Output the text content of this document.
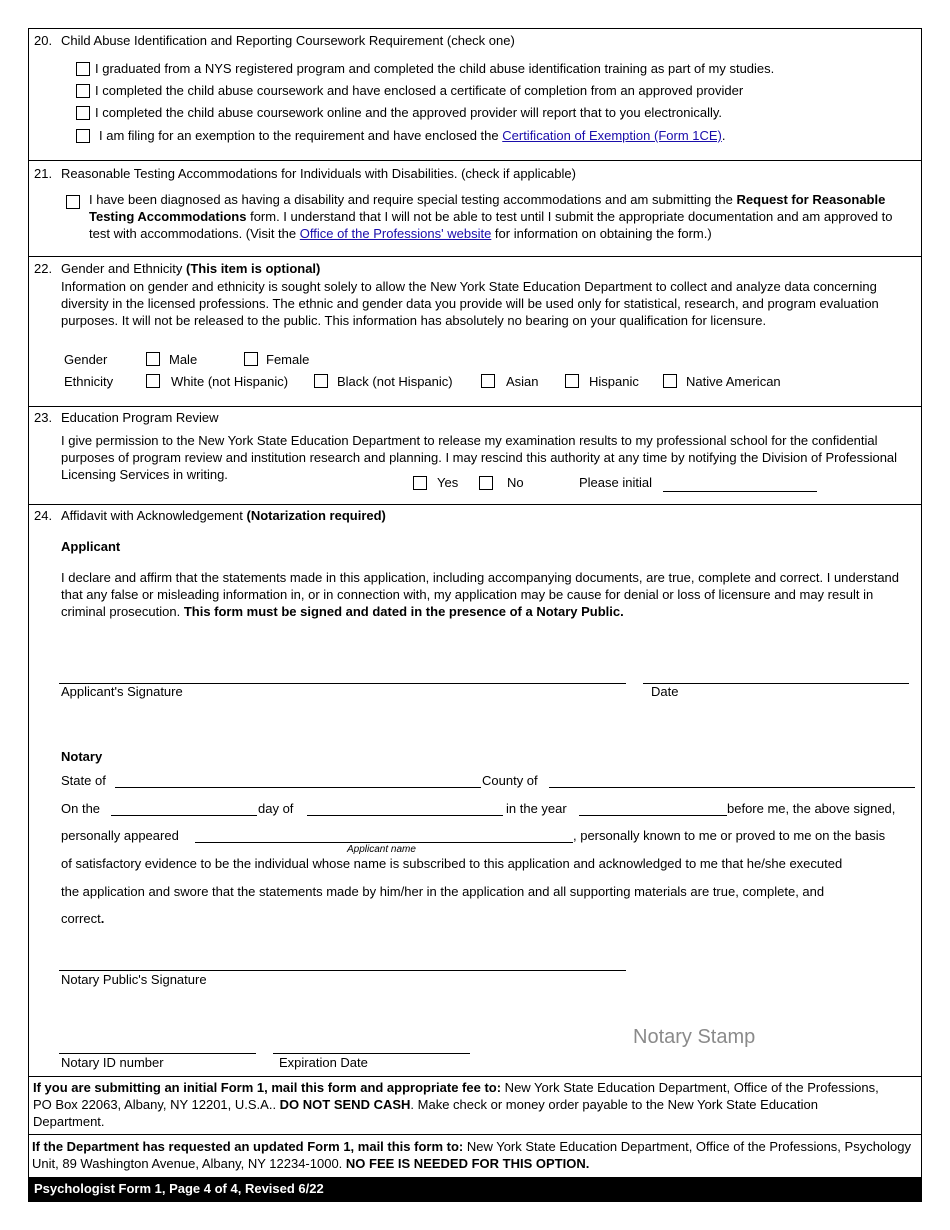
20. Child Abuse Identification and Reporting Coursework Requirement (check one)
I graduated from a NYS registered program and completed the child abuse identification training as part of my studies.
I completed the child abuse coursework and have enclosed a certificate of completion from an approved provider
I completed the child abuse coursework online and the approved provider will report that to you electronically.
I am filing for an exemption to the requirement and have enclosed the Certification of Exemption (Form 1CE).
21. Reasonable Testing Accommodations for Individuals with Disabilities. (check if applicable)
I have been diagnosed as having a disability and require special testing accommodations and am submitting the Request for Reasonable Testing Accommodations form. I understand that I will not be able to test until I submit the appropriate documentation and am approved to test with accommodations. (Visit the Office of the Professions' website for information on obtaining the form.)
22. Gender and Ethnicity (This item is optional)
Information on gender and ethnicity is sought solely to allow the New York State Education Department to collect and analyze data concerning diversity in the licensed professions. The ethnic and gender data you provide will be used only for statistical, research, and program evaluation purposes. It will not be released to the public. This information has absolutely no bearing on your qualification for licensure.
Gender	Male	Female
Ethnicity	White (not Hispanic)	Black (not Hispanic)	Asian	Hispanic	Native American
23. Education Program Review
I give permission to the New York State Education Department to release my examination results to my professional school for the confidential purposes of program review and institution research and planning. I may rescind this authority at any time by notifying the Division of Professional Licensing Services in writing.
Yes	No	Please initial
24. Affidavit with Acknowledgement (Notarization required)
Applicant
I declare and affirm that the statements made in this application, including accompanying documents, are true, complete and correct. I understand that any false or misleading information in, or in connection with, my application may be cause for denial or loss of licensure and may result in criminal prosecution. This form must be signed and dated in the presence of a Notary Public.
Applicant's Signature	Date
Notary
State of	County of
On the	day of	in the year	before me, the above signed,
personally appeared	, personally known to me or proved to me on the basis
Applicant name
of satisfactory evidence to be the individual whose name is subscribed to this application and acknowledged to me that he/she executed
the application and swore that the statements made by him/her in the application and all supporting materials are true, complete, and
correct.
Notary Public's Signature
Notary Stamp
Notary ID number	Expiration Date
If you are submitting an initial Form 1, mail this form and appropriate fee to: New York State Education Department, Office of the Professions, PO Box 22063, Albany, NY 12201, U.S.A.. DO NOT SEND CASH. Make check or money order payable to the New York State Education Department.
If the Department has requested an updated Form 1, mail this form to: New York State Education Department, Office of the Professions, Psychology Unit, 89 Washington Avenue, Albany, NY 12234-1000. NO FEE IS NEEDED FOR THIS OPTION.
Psychologist Form 1, Page 4 of 4, Revised 6/22
